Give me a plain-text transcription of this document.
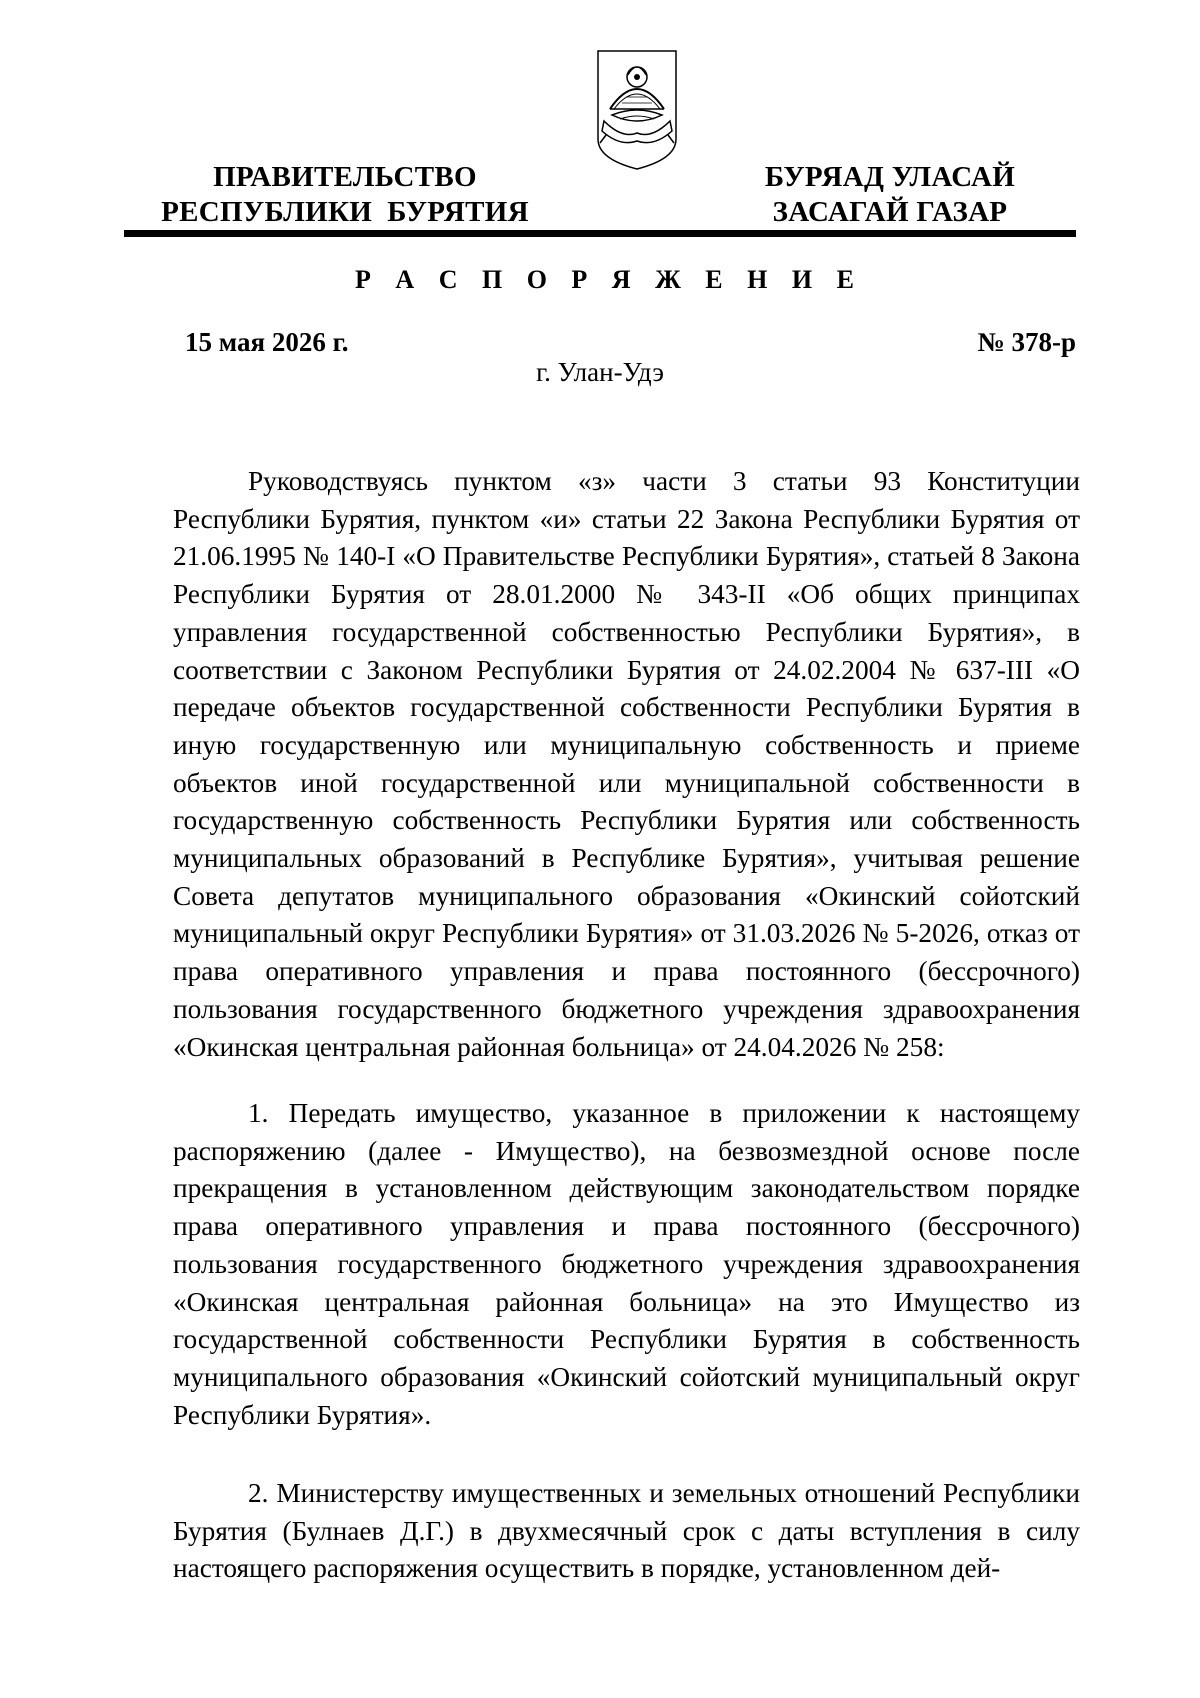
ПРАВИТЕЛЬСТВО
РЕСПУБЛИКИ  БУРЯТИЯ
БУРЯАД УЛАСАЙ
ЗАСАГАЙ ГАЗАР
Р А С П О Р Я Ж Е Н И Е
15 мая 2026 г.	№ 378-р
г. Улан-Удэ

Руководствуясь пунктом «з» части 3 статьи 93 Конституции Республики Бурятия, пунктом «и» статьи 22 Закона Республики Бурятия от 21.06.1995 № 140-I «О Правительстве Республики Бурятия», статьей 8 Закона Республики Бурятия от 28.01.2000 № 343-II «Об общих принципах управления государственной собственностью Республики Бурятия», в соответствии с Законом Республики Бурятия от 24.02.2004 № 637-III «О передаче объектов государственной собственности Республики Бурятия в иную государственную или муниципальную собственность и приеме объектов иной государственной или муниципальной собственности в государственную собственность Республики Бурятия или собственность муниципальных образований в Республике Бурятия», учитывая решение Совета депутатов муниципального образования «Окинский сойотский муниципальный округ Республики Бурятия» от 31.03.2026 № 5-2026, отказ от права оперативного управления и права постоянного (бессрочного) пользования государственного бюджетного учреждения здравоохранения «Окинская центральная районная больница» от 24.04.2026 № 258:

1. Передать имущество, указанное в приложении к настоящему распоряжению (далее - Имущество), на безвозмездной основе после прекращения в установленном действующим законодательством порядке права оперативного управления и права постоянного (бессрочного) пользования государственного бюджетного учреждения здравоохранения «Окинская центральная районная больница» на это Имущество из государственной собственности Республики Бурятия в собственность муниципального образования «Окинский сойотский муниципальный округ Республики Бурятия».

2. Министерству имущественных и земельных отношений Республики Бурятия (Булнаев Д.Г.) в двухмесячный срок с даты вступления в силу настоящего распоряжения осуществить в порядке, установленном дей-
